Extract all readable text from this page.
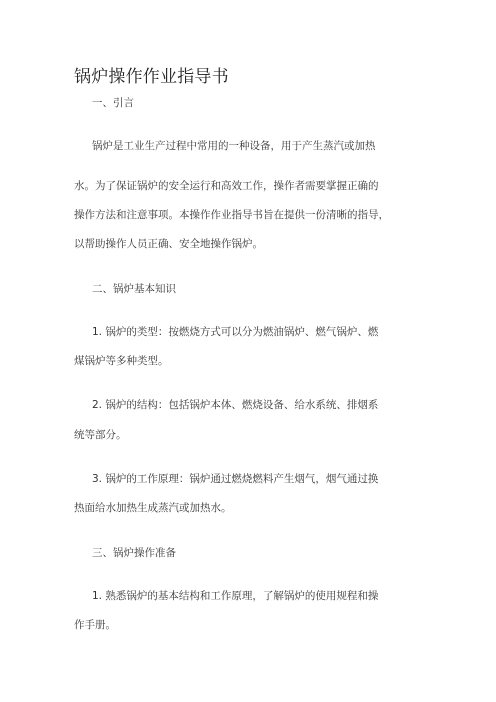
锅炉操作作业指导书
一、引言
锅炉是工业生产过程中常用的一种设备，用于产生蒸汽或加热
水。为了保证锅炉的安全运行和高效工作，操作者需要掌握正确的
操作方法和注意事项。本操作作业指导书旨在提供一份清晰的指导，
以帮助操作人员正确、安全地操作锅炉。
二、锅炉基本知识
1. 锅炉的类型：按燃烧方式可以分为燃油锅炉、燃气锅炉、燃
煤锅炉等多种类型。
2. 锅炉的结构：包括锅炉本体、燃烧设备、给水系统、排烟系
统等部分。
3. 锅炉的工作原理：锅炉通过燃烧燃料产生烟气，烟气通过换
热面给水加热生成蒸汽或加热水。
三、锅炉操作准备
1. 熟悉锅炉的基本结构和工作原理，了解锅炉的使用规程和操
作手册。
